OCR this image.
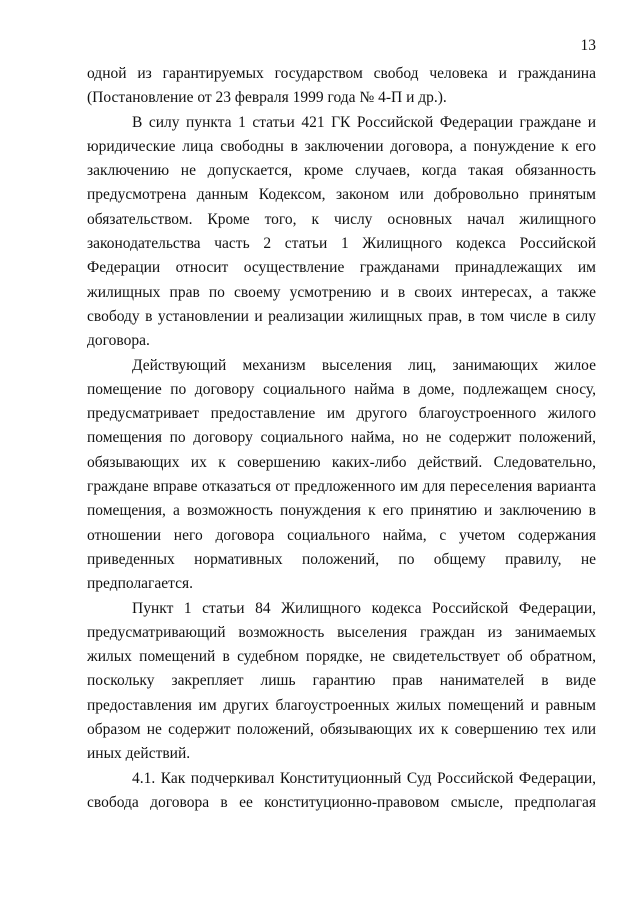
13
одной из гарантируемых государством свобод человека и гражданина
(Постановление от 23 февраля 1999 года № 4-П и др.).
В силу пункта 1 статьи 421 ГК Российской Федерации граждане и
юридические лица свободны в заключении договора, а понуждение к его
заключению не допускается, кроме случаев, когда такая обязанность
предусмотрена данным Кодексом, законом или добровольно принятым
обязательством. Кроме того, к числу основных начал жилищного
законодательства часть 2 статьи 1 Жилищного кодекса Российской
Федерации относит осуществление гражданами принадлежащих им
жилищных прав по своему усмотрению и в своих интересах, а также
свободу в установлении и реализации жилищных прав, в том числе в силу
договора.
Действующий механизм выселения лиц, занимающих жилое
помещение по договору социального найма в доме, подлежащем сносу,
предусматривает предоставление им другого благоустроенного жилого
помещения по договору социального найма, но не содержит положений,
обязывающих их к совершению каких-либо действий. Следовательно,
граждане вправе отказаться от предложенного им для переселения варианта
помещения, а возможность понуждения к его принятию и заключению в
отношении него договора социального найма, с учетом содержания
приведенных нормативных положений, по общему правилу, не
предполагается.
Пункт 1 статьи 84 Жилищного кодекса Российской Федерации,
предусматривающий возможность выселения граждан из занимаемых
жилых помещений в судебном порядке, не свидетельствует об обратном,
поскольку закрепляет лишь гарантию прав нанимателей в виде
предоставления им других благоустроенных жилых помещений и равным
образом не содержит положений, обязывающих их к совершению тех или
иных действий.
4.1. Как подчеркивал Конституционный Суд Российской Федерации,
свобода договора в ее конституционно-правовом смысле, предполагая
